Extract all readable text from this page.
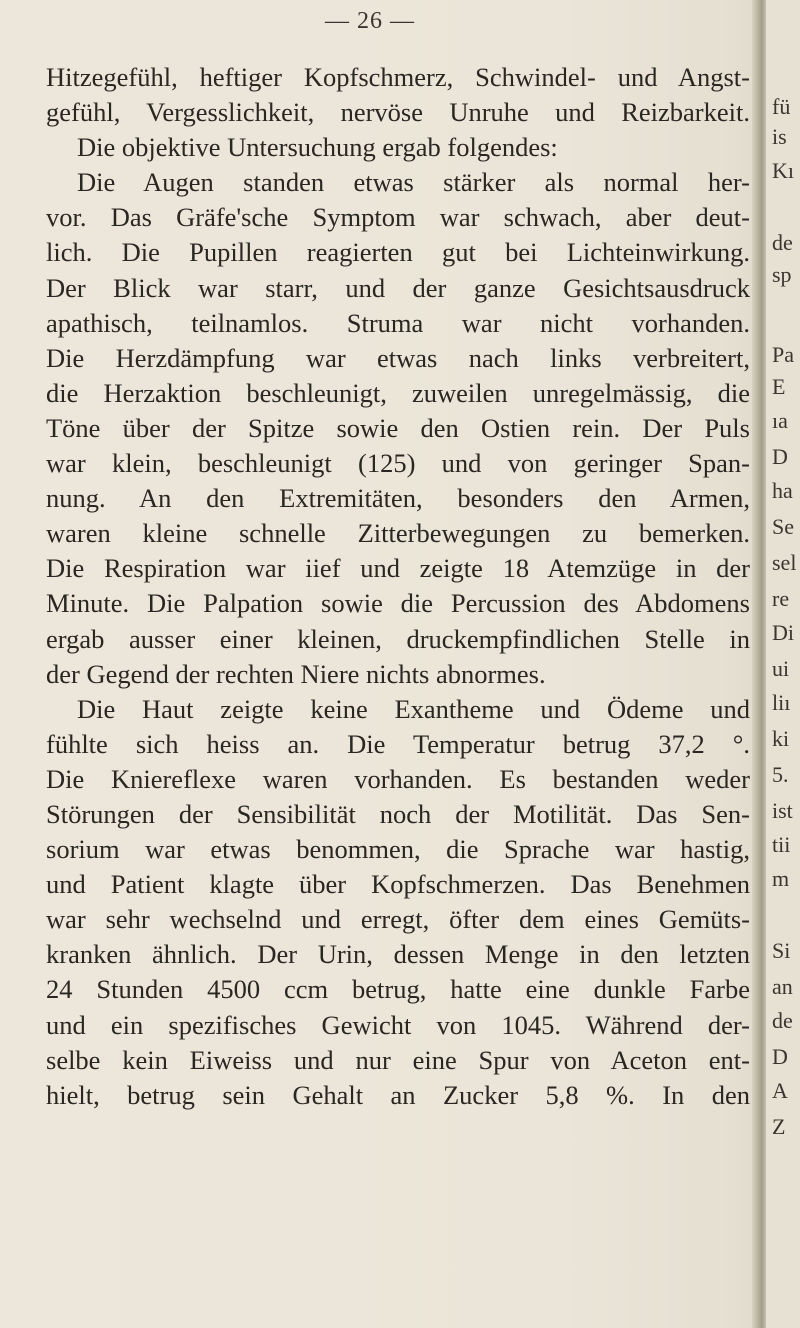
— 26 —
Hitzegefühl, heftiger Kopfschmerz, Schwindel- und Angst-
gefühl, Vergesslichkeit, nervöse Unruhe und Reizbarkeit.
Die objektive Untersuchung ergab folgendes:
Die Augen standen etwas stärker als normal her-
vor. Das Gräfe'sche Symptom war schwach, aber deut-
lich. Die Pupillen reagierten gut bei Lichteinwirkung.
Der Blick war starr, und der ganze Gesichtsausdruck
apathisch, teilnamlos. Struma war nicht vorhanden.
Die Herzdämpfung war etwas nach links verbreitert,
die Herzaktion beschleunigt, zuweilen unregelmässig, die
Töne über der Spitze sowie den Ostien rein. Der Puls
war klein, beschleunigt (125) und von geringer Span-
nung. An den Extremitäten, besonders den Armen,
waren kleine schnelle Zitterbewegungen zu bemerken.
Die Respiration war iief und zeigte 18 Atemzüge in der
Minute. Die Palpation sowie die Percussion des Abdomens
ergab ausser einer kleinen, druckempfindlichen Stelle in
der Gegend der rechten Niere nichts abnormes.
Die Haut zeigte keine Exantheme und Ödeme und
fühlte sich heiss an. Die Temperatur betrug 37,2 °.
Die Kniereflexe waren vorhanden. Es bestanden weder
Störungen der Sensibilität noch der Motilität. Das Sen-
sorium war etwas benommen, die Sprache war hastig,
und Patient klagte über Kopfschmerzen. Das Benehmen
war sehr wechselnd und erregt, öfter dem eines Gemüts-
kranken ähnlich. Der Urin, dessen Menge in den letzten
24 Stunden 4500 ccm betrug, hatte eine dunkle Farbe
und ein spezifisches Gewicht von 1045. Während der-
selbe kein Eiweiss und nur eine Spur von Aceton ent-
hielt, betrug sein Gehalt an Zucker 5,8 %. In den
fü
is
Kı
de
sp
Pa
E
ıa
D
ha
Se
sel
re
Di
ui
liı
ki
5.
ist
tii
m
Si
an
de
D
A
Z
